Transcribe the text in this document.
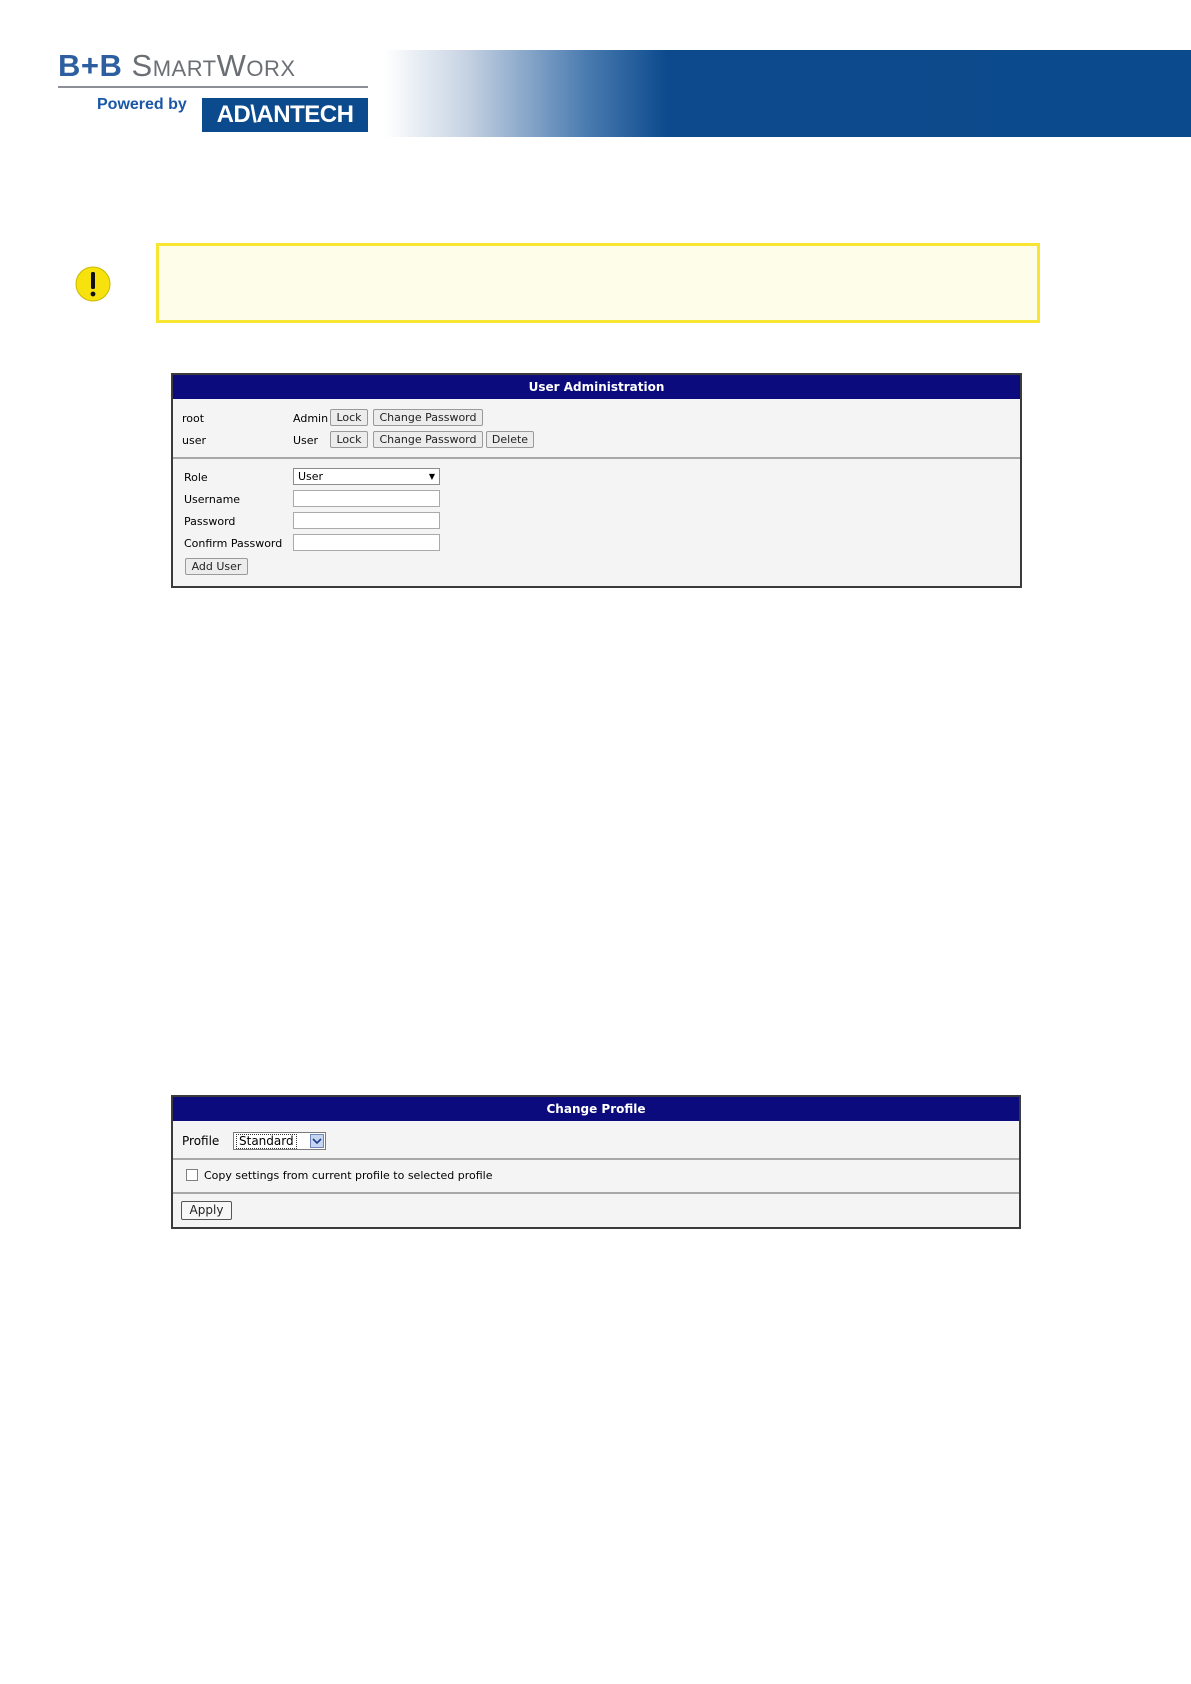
B+B SmartWorx
Powered by	AD\ANTECH
User Administration
root	Admin Lock	Change Password
user	User	Lock	Change Password	Delete
Role	User	▼
Username
Password
Confirm Password
Add User
Change Profile
Profile Standard
Copy settings from current profile to selected profile
Apply
